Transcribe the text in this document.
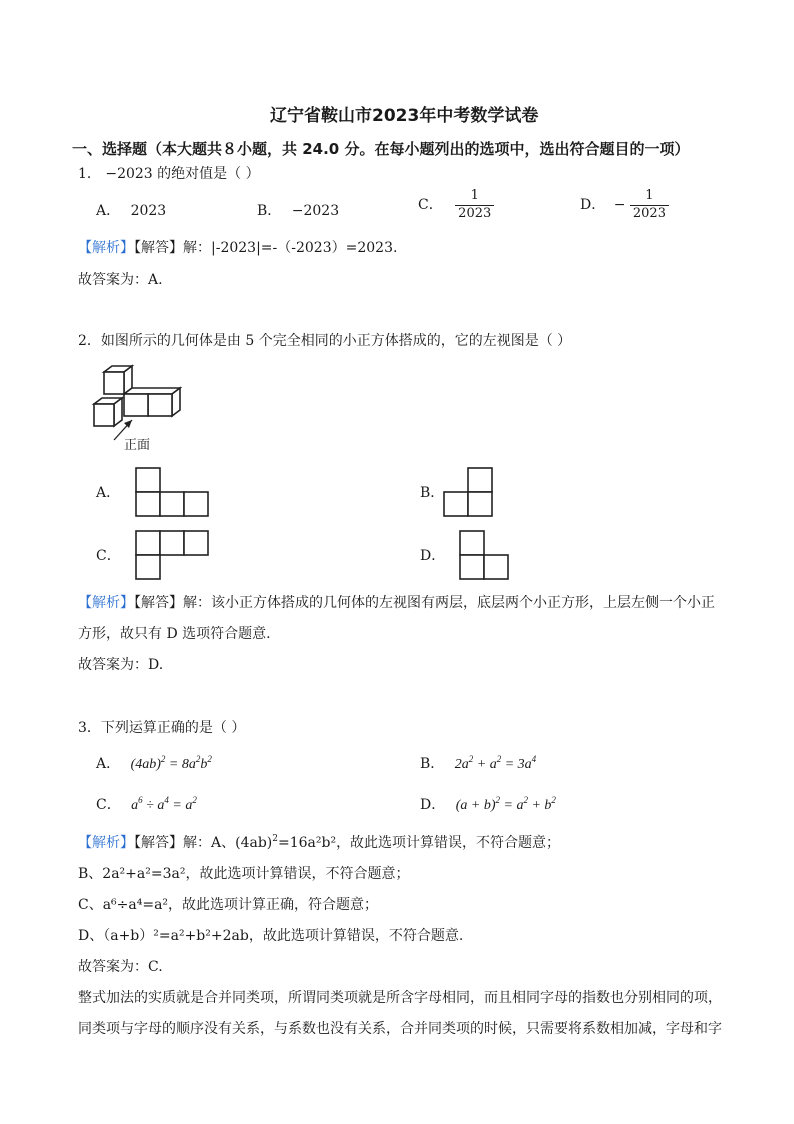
辽宁省鞍山市2023年中考数学试卷
一、选择题（本大题共８小题，共 24.0 分。在每小题列出的选项中，选出符合题目的一项）
1． −2023 的绝对值是（ ）
A． 2023	B． −2023	C． $\frac{1}{2023}$	D． − $\frac{1}{2023}$
【解析】【解答】解：|-2023|=-（-2023）=2023.
故答案为：A.
2．如图所示的几何体是由 5 个完全相同的小正方体搭成的，它的左视图是（ ）
正面
A．	B．
C．	D．
【解析】【解答】解：该小正方体搭成的几何体的左视图有两层，底层两个小正方形，上层左侧一个小正
方形，故只有 D 选项符合题意.
故答案为：D.
3．下列运算正确的是（ ）
A． $(4ab)^2 = 8a^2b^2$	B． $2a^2 + a^2 = 3a^4$
C． $a^6 \div a^4 = a^2$	D． $(a + b)^2 = a^2 + b^2$
【解析】【解答】解：A、$(4ab)^2=16a^2b^2$，故此选项计算错误，不符合题意；
B、2a²+a²=3a²，故此选项计算错误，不符合题意；
C、a⁶÷a⁴=a²，故此选项计算正确，符合题意；
D、（a+b）²=a²+b²+2ab，故此选项计算错误，不符合题意.
故答案为：C.
整式加法的实质就是合并同类项，所谓同类项就是所含字母相同，而且相同字母的指数也分别相同的项，
同类项与字母的顺序没有关系，与系数也没有关系，合并同类项的时候，只需要将系数相加减，字母和字
